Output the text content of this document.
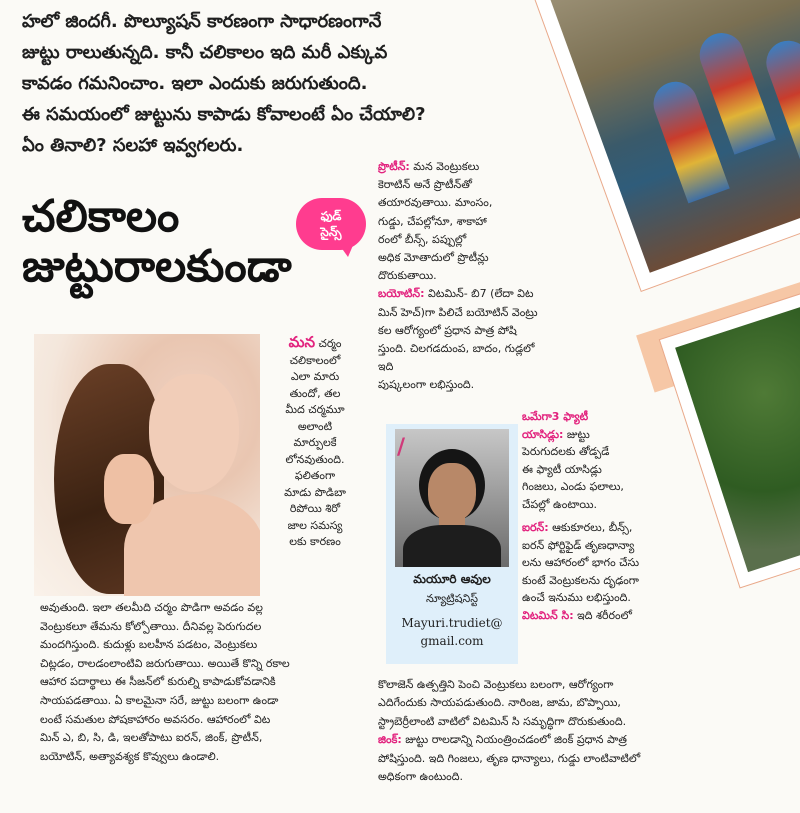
హలో జిందగీ. పొల్యూషన్ కారణంగా సాధారణంగానే
జుట్టు రాలుతున్నది. కానీ చలికాలం ఇది మరీ ఎక్కువ
కావడం గమనించాం. ఇలా ఎందుకు జరుగుతుంది.
ఈ సమయంలో జుట్టును కాపాడు కోవాలంటే ఏం చేయాలి?
ఏం తినాలి? సలహా ఇవ్వగలరు.
చలికాలం
జుట్టురాలకుండా
ఫుడ్
సైన్స్
మన చర్మం
చలికాలంలో
ఎలా మారు
తుందో, తల
మీద చర్మమూ
అలాంటి
మార్పులకే
లోనవుతుంది.
ఫలితంగా
మాడు పొడిబా
రిపోయి శిరో
జాల సమస్య
లకు కారణం
అవుతుంది. ఇలా తలమీది చర్మం పొడిగా అవడం వల్ల
వెంట్రుకలూ తేమను కోల్పోతాయి. దీనివల్ల పెరుగుదల
మందగిస్తుంది. కుదుళ్లు బలహీన పడటం, వెంట్రుకలు
చిట్లడం, రాలడంలాంటివి జరుగుతాయి. అయితే కొన్ని రకాల
ఆహార పదార్థాలు ఈ సీజన్‌లో కురుల్ని కాపాడుకోవడానికి
సాయపడతాయి. ఏ కాలమైనా సరే, జుట్టు బలంగా ఉండా
లంటే సమతుల పోషకాహారం అవసరం. ఆహారంలో విట
మిన్ ఎ, బి, సి, డి, ఇలతోపాటు ఐరన్, జింక్, ప్రొటీన్,
బయోటిన్, అత్యావశ్యక కొవ్వులు ఉండాలి.
ప్రొటీన్: మన వెంట్రుకలు
కెరాటిన్ అనే ప్రొటీన్‌తో
తయారవుతాయి. మాంసం,
గుడ్డు, చేపల్లోనూ, శాకాహా
రంలో బీన్స్, పప్పుల్లో
అధిక మోతాదులో ప్రొటీన్లు
దొరుకుతాయి.
బయోటిన్: విటమిన్‌- బి7 (లేదా విట
మిన్ హెచ్)గా పిలిచే బయోటిన్ వెంట్రు
కల ఆరోగ్యంలో ప్రధాన పాత్ర పోషి
స్తుంది. చిలగడదుంప, బాదం, గుడ్లలో ఇది
పుష్కలంగా లభిస్తుంది.
/
మయూరి ఆవుల
న్యూట్రిషనిస్ట్
Mayuri.trudiet@
gmail.com
ఒమేగా3 ఫ్యాటీ
యాసిడ్లు: జుట్టు
పెరుగుదలకు తోడ్పడే
ఈ ఫ్యాటీ యాసిడ్లు
గింజలు, ఎండు ఫలాలు,
చేపల్లో ఉంటాయి.
ఐరన్: ఆకుకూరలు, బీన్స్,
ఐరన్ ఫోర్టిఫైడ్ తృణధాన్యా
లను ఆహారంలో భాగం చేసు
కుంటే వెంట్రుకలను దృఢంగా
ఉంచే ఇనుము లభిస్తుంది.
విటమిన్ సి: ఇది శరీరంలో
కొలాజెన్ ఉత్పత్తిని పెంచి వెంట్రుకలు బలంగా, ఆరోగ్యంగా
ఎదిగేందుకు సాయపడుతుంది. నారింజ, జామ, బొప్పాయి,
స్ట్రాబెర్రీలాంటి వాటిలో విటమిన్ సి సమృద్ధిగా దొరుకుతుంది.
జింక్: జుట్టు రాలడాన్ని నియంత్రించడంలో జింక్ ప్రధాన పాత్ర
పోషిస్తుంది. ఇది గింజలు, తృణ ధాన్యాలు, గుడ్డు లాంటివాటిలో
అధికంగా ఉంటుంది.
